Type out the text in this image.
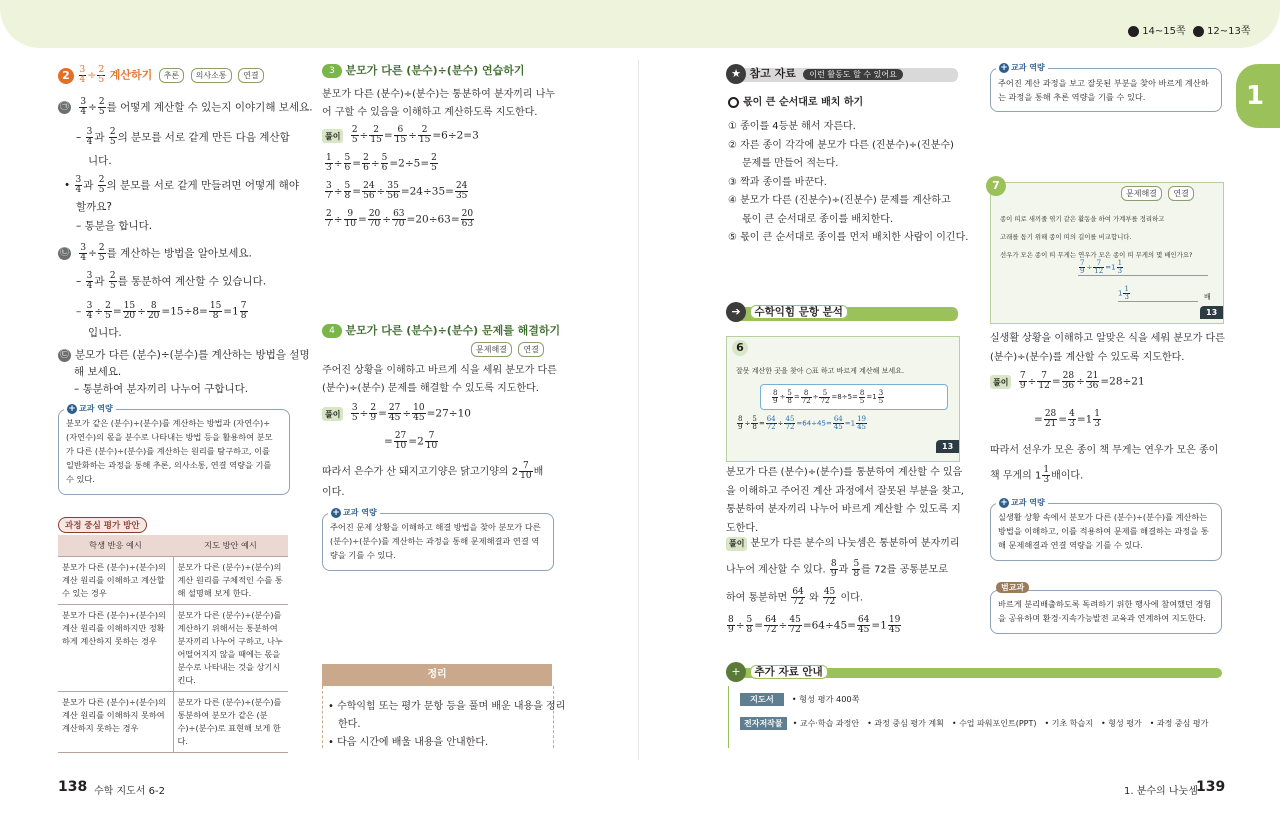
14~15쪽 12~13쪽
1
$2 \frac{3}{4} \div \frac{2}{5}$ 계산하기 추론 의사소통 연결
㉠ $\frac{3}{4} \div \frac{2}{5}$ 를 어떻게 계산할 수 있는지 이야기해 보세요.
– $\frac{3}{4}$ 과 $\frac{2}{5}$ 의 분모를 서로 같게 만든 다음 계산합
니다.
• $\frac{3}{4}$ 과 $\frac{2}{5}$ 의 분모를 서로 같게 만들려면 어떻게 해야
할까요?
– 통분을 합니다.
㉡ $\frac{3}{4} \div \frac{2}{5}$ 를 계산하는 방법을 알아보세요.
– $\frac{3}{4}$ 과 $\frac{2}{5}$ 를 통분하여 계산할 수 있습니다.
– $\frac{3}{4} \div \frac{2}{5} = \frac{15}{20} \div \frac{8}{20} =15\div 8= \frac{15}{8} =1 \frac{7}{8}$
입니다.
㉢ 분모가 다른 (분수)÷(분수)를 계산하는 방법을 설명
해 보세요.
– 통분하여 분자끼리 나누어 구합니다.
+ 교과 역량
분모가 같은 (분수)÷(분수)를 계산하는 방법과 (자연수)÷
(자연수)의 몫을 분수로 나타내는 방법 등을 활용하여 분모
가 다른 (분수)÷(분수)를 계산하는 원리를 탐구하고, 이를
일반화하는 과정을 통해 추론, 의사소통, 연결 역량을 기를
수 있다.
과정 중심 평가 방안
학생 반응 예시	지도 방안 예시
분모가 다른 (분수)÷(분수)의 계산 원리를 이해하고 계산할 수 있는 경우	분모가 다른 (분수)÷(분수)의 계산 원리를 구체적인 수를 통해 설명해 보게 한다.
분모가 다른 (분수)÷(분수)의 계산 원리를 이해하지만 정확하게 계산하지 못하는 경우	분모가 다른 (분수)÷(분수)를 계산하기 위해서는 통분하여 분자끼리 나누어 구하고, 나누어떨어지지 않을 때에는 몫을 분수로 나타내는 것을 상기시킨다.
분모가 다른 (분수)÷(분수)의 계산 원리를 이해하지 못하여 계산하지 못하는 경우	분모가 다른 (분수)÷(분수)를 통분하여 분모가 같은 (분수)÷(분수)로 표현해 보게 한다.
3 분모가 다른 (분수)÷(분수) 연습하기
분모가 다른 (분수)÷(분수)는 통분하여 분자끼리 나누
어 구할 수 있음을 이해하고 계산하도록 지도한다.
풀이 $\frac{2}{5} \div \frac{2}{15} = \frac{6}{15} \div \frac{2}{15} =6\div 2=3$
$\frac{1}{3} \div \frac{5}{6} = \frac{2}{6} \div \frac{5}{6} =2\div 5= \frac{2}{5}$
$\frac{3}{7} \div \frac{5}{8} = \frac{24}{56} \div \frac{35}{56} =24\div 35= \frac{24}{35}$
$\frac{2}{7} \div \frac{9}{10} = \frac{20}{70} \div \frac{63}{70} =20\div 63= \frac{20}{63}$
4 분모가 다른 (분수)÷(분수) 문제를 해결하기
문제해결 연결
주어진 상황을 이해하고 바르게 식을 세워 분모가 다른
(분수)÷(분수) 문제를 해결할 수 있도록 지도한다.
풀이 $\frac{3}{5} \div \frac{2}{9} = \frac{27}{45} \div \frac{10}{45} =27\div 10$
= $\frac{27}{10} =2 \frac{7}{10}$
따라서 은수가 산 돼지고기양은 닭고기양의 $2 \frac{7}{10}$ 배
이다.
+ 교과 역량
주어진 문제 상황을 이해하고 해결 방법을 찾아 분모가 다른
(분수)÷(분수)를 계산하는 과정을 통해 문제해결과 연결 역
량을 기를 수 있다.
정리
• 수학익힘 또는 평가 문항 등을 풀며 배운 내용을 정리
한다.
• 다음 시간에 배울 내용을 안내한다.
★ 참고 자료 이런 활동도 할 수 있어요
몫이 큰 순서대로 배치 하기
① 종이를 4등분 해서 자른다.
② 자른 종이 각각에 분모가 다른 (진분수)÷(진분수)
문제를 만들어 적는다.
③ 짝과 종이를 바꾼다.
④ 분모가 다른 (진분수)÷(진분수) 문제를 계산하고
몫이 큰 순서대로 종이를 배치한다.
⑤ 몫이 큰 순서대로 종이를 먼저 배치한 사람이 이긴다.
➔ 수학익힘 문항 분석
6
잘못 계산한 곳을 찾아 ○표 하고 바르게 계산해 보세요.
$\frac{8}{9} \div \frac{5}{8} = \frac{8}{72} \div \frac{5}{72} =8\div 5= \frac{8}{5} =1 \frac{3}{5}$
$\frac{8}{9} \div \frac{5}{8} = \frac{64}{72} \div \frac{45}{72} =64\div 45= \frac{64}{45} =1 \frac{19}{45}$
13
분모가 다른 (분수)÷(분수)를 통분하여 계산할 수 있음
을 이해하고 주어진 계산 과정에서 잘못된 부분을 찾고,
통분하여 분자끼리 나누어 바르게 계산할 수 있도록 지
도한다.
풀이 분모가 다른 분수의 나눗셈은 통분하여 분자끼리
나누어 계산할 수 있다. $\frac{8}{9}$ 과 $\frac{5}{8}$ 를 72를 공통분모로
하여 통분하면 $\frac{64}{72}$ 와 $\frac{45}{72}$ 이다.
$\frac{8}{9} \div \frac{5}{8} = \frac{64}{72} \div \frac{45}{72} =64\div 45= \frac{64}{45} =1 \frac{19}{45}$
+ 추가 자료 안내
지도서 • 형성 평가 400쪽
전자저작물 • 교수·학습 과정안 • 과정 중심 평가 계획 • 수업 파워포인트(PPT) • 기초 학습지 • 형성 평가 • 과정 중심 평가
+ 교과 역량
주어진 계산 과정을 보고 잘못된 부분을 찾아 바르게 계산하
는 과정을 통해 추론 역량을 기를 수 있다.
7
문제해결 연결
종이 띠로 새끼줄 엮기 같은 활동을 하여 가계부를 정리하고
고래를 돕기 위해 종이 띠의 길이를 비교합니다.
선우가 모은 종이 띠 무게는 연우가 모은 종이 띠 무게의 몇 배인가요?
$\frac{7}{9} \div \frac{7}{12} =1 \frac{1}{3}$
$1 \frac{1}{3}$	배
13
실생활 상황을 이해하고 알맞은 식을 세워 분모가 다른
(분수)÷(분수)를 계산할 수 있도록 지도한다.
풀이 $\frac{7}{9} \div \frac{7}{12} = \frac{28}{36} \div \frac{21}{36} =28\div 21$
= $\frac{28}{21} = \frac{4}{3} =1 \frac{1}{3}$
따라서 선우가 모은 종이 책 무게는 연우가 모은 종이
책 무게의 $1 \frac{1}{3}$ 배이다.
+ 교과 역량
실생활 상황 속에서 분모가 다른 (분수)÷(분수)를 계산하는
방법을 이해하고, 이를 적용하여 문제를 해결하는 과정을 통
해 문제해결과 연결 역량을 기를 수 있다.
범교과
바르게 분리배출하도록 독려하기 위한 행사에 참여했던 경험
을 공유하며 환경·지속가능발전 교육과 연계하여 지도한다.
138 수학 지도서 6-2	1. 분수의 나눗셈
139
